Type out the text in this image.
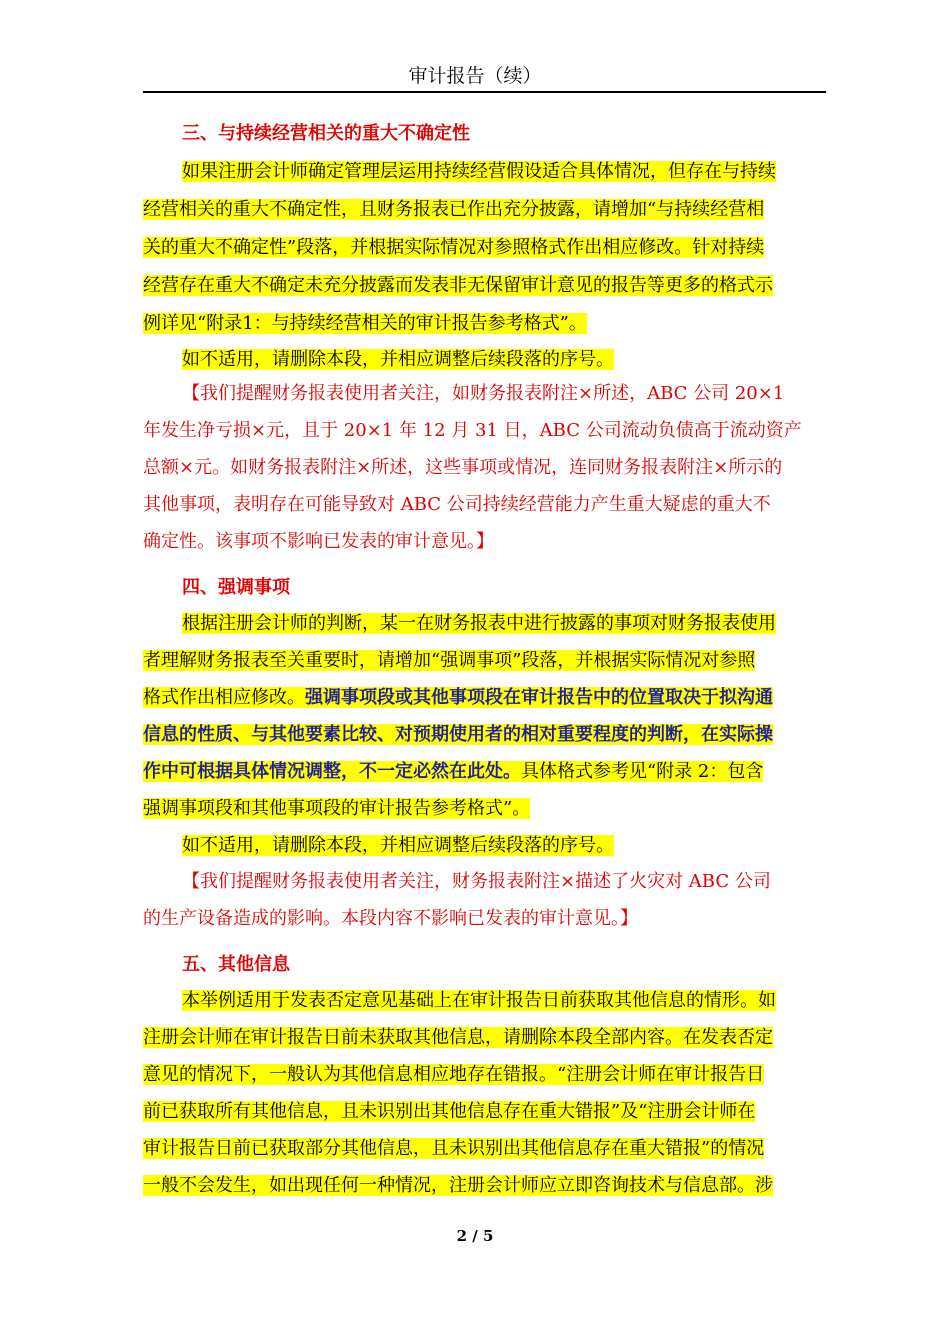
审计报告（续）
三、与持续经营相关的重大不确定性
如果注册会计师确定管理层运用持续经营假设适合具体情况，但存在与持续
经营相关的重大不确定性，且财务报表已作出充分披露，请增加“与持续经营相
关的重大不确定性”段落，并根据实际情况对参照格式作出相应修改。针对持续
经营存在重大不确定未充分披露而发表非无保留审计意见的报告等更多的格式示
例详见“附录1：与持续经营相关的审计报告参考格式”。
如不适用，请删除本段，并相应调整后续段落的序号。
【我们提醒财务报表使用者关注，如财务报表附注×所述，ABC 公司 20×1
年发生净亏损×元，且于 20×1 年 12 月 31 日，ABC 公司流动负债高于流动资产
总额×元。如财务报表附注×所述，这些事项或情况，连同财务报表附注×所示的
其他事项，表明存在可能导致对 ABC 公司持续经营能力产生重大疑虑的重大不
确定性。该事项不影响已发表的审计意见。】
四、强调事项
根据注册会计师的判断，某一在财务报表中进行披露的事项对财务报表使用
者理解财务报表至关重要时，请增加“强调事项”段落，并根据实际情况对参照
格式作出相应修改。强调事项段或其他事项段在审计报告中的位置取决于拟沟通
信息的性质、与其他要素比较、对预期使用者的相对重要程度的判断，在实际操
作中可根据具体情况调整，不一定必然在此处。具体格式参考见“附录 2：包含
强调事项段和其他事项段的审计报告参考格式”。
如不适用，请删除本段，并相应调整后续段落的序号。
【我们提醒财务报表使用者关注，财务报表附注×描述了火灾对 ABC 公司
的生产设备造成的影响。本段内容不影响已发表的审计意见。】
五、其他信息
本举例适用于发表否定意见基础上在审计报告日前获取其他信息的情形。如
注册会计师在审计报告日前未获取其他信息，请删除本段全部内容。在发表否定
意见的情况下，一般认为其他信息相应地存在错报。“注册会计师在审计报告日
前已获取所有其他信息，且未识别出其他信息存在重大错报”及“注册会计师在
审计报告日前已获取部分其他信息，且未识别出其他信息存在重大错报”的情况
一般不会发生，如出现任何一种情况，注册会计师应立即咨询技术与信息部。涉
2 / 5
